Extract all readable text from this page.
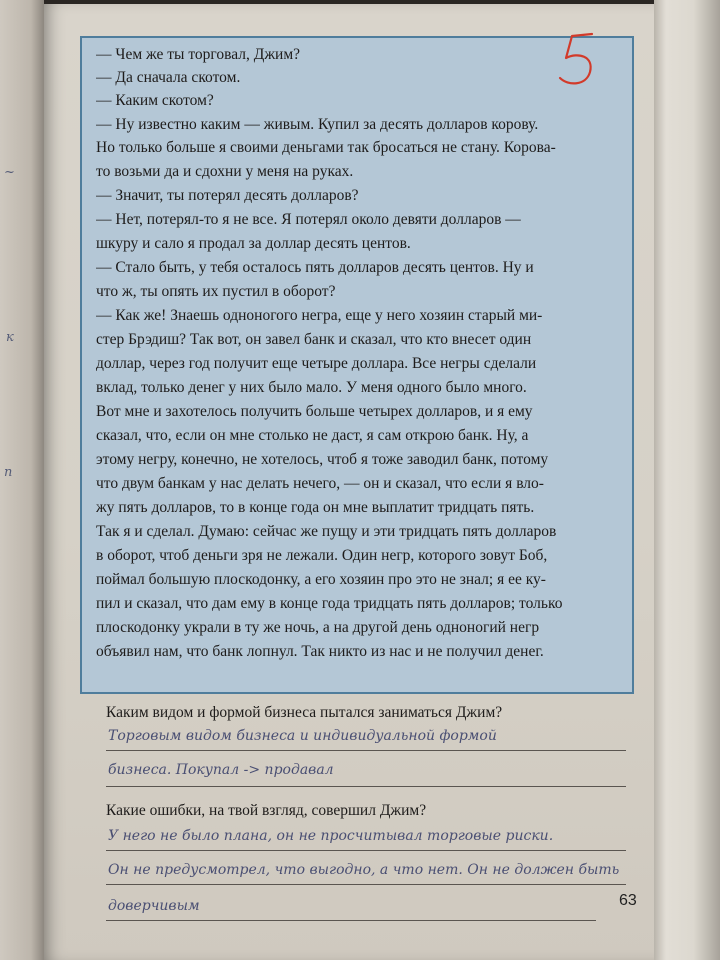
~
к
п
— Чем же ты торговал, Джим?
— Да сначала скотом.
— Каким скотом?
— Ну известно каким — живым. Купил за десять долларов корову.
Но только больше я своими деньгами так бросаться не стану. Корова-
то возьми да и сдохни у меня на руках.
— Значит, ты потерял десять долларов?
— Нет, потерял-то я не все. Я потерял около девяти долларов —
шкуру и сало я продал за доллар десять центов.
— Стало быть, у тебя осталось пять долларов десять центов. Ну и
что ж, ты опять их пустил в оборот?
— Как же! Знаешь одноногого негра, еще у него хозяин старый ми-
стер Брэдиш? Так вот, он завел банк и сказал, что кто внесет один
доллар, через год получит еще четыре доллара. Все негры сделали
вклад, только денег у них было мало. У меня одного было много.
Вот мне и захотелось получить больше четырех долларов, и я ему
сказал, что, если он мне столько не даст, я сам открою банк. Ну, а
этому негру, конечно, не хотелось, чтоб я тоже заводил банк, потому
что двум банкам у нас делать нечего, — он и сказал, что если я вло-
жу пять долларов, то в конце года он мне выплатит тридцать пять.
Так я и сделал. Думаю: сейчас же пущу и эти тридцать пять долларов
в оборот, чтоб деньги зря не лежали. Один негр, которого зовут Боб,
поймал большую плоскодонку, а его хозяин про это не знал; я ее ку-
пил и сказал, что дам ему в конце года тридцать пять долларов; только
плоскодонку украли в ту же ночь, а на другой день одноногий негр
объявил нам, что банк лопнул. Так никто из нас и не получил денег.
5
Каким видом и формой бизнеса пытался заниматься Джим?
Торговым видом бизнеса и индивидуальной формой
бизнеса. Покупал -> продавал
Какие ошибки, на твой взгляд, совершил Джим?
У него не было плана, он не просчитывал торговые риски.
Он не предусмотрел, что выгодно, а что нет. Он не должен быть
доверчивым	63
